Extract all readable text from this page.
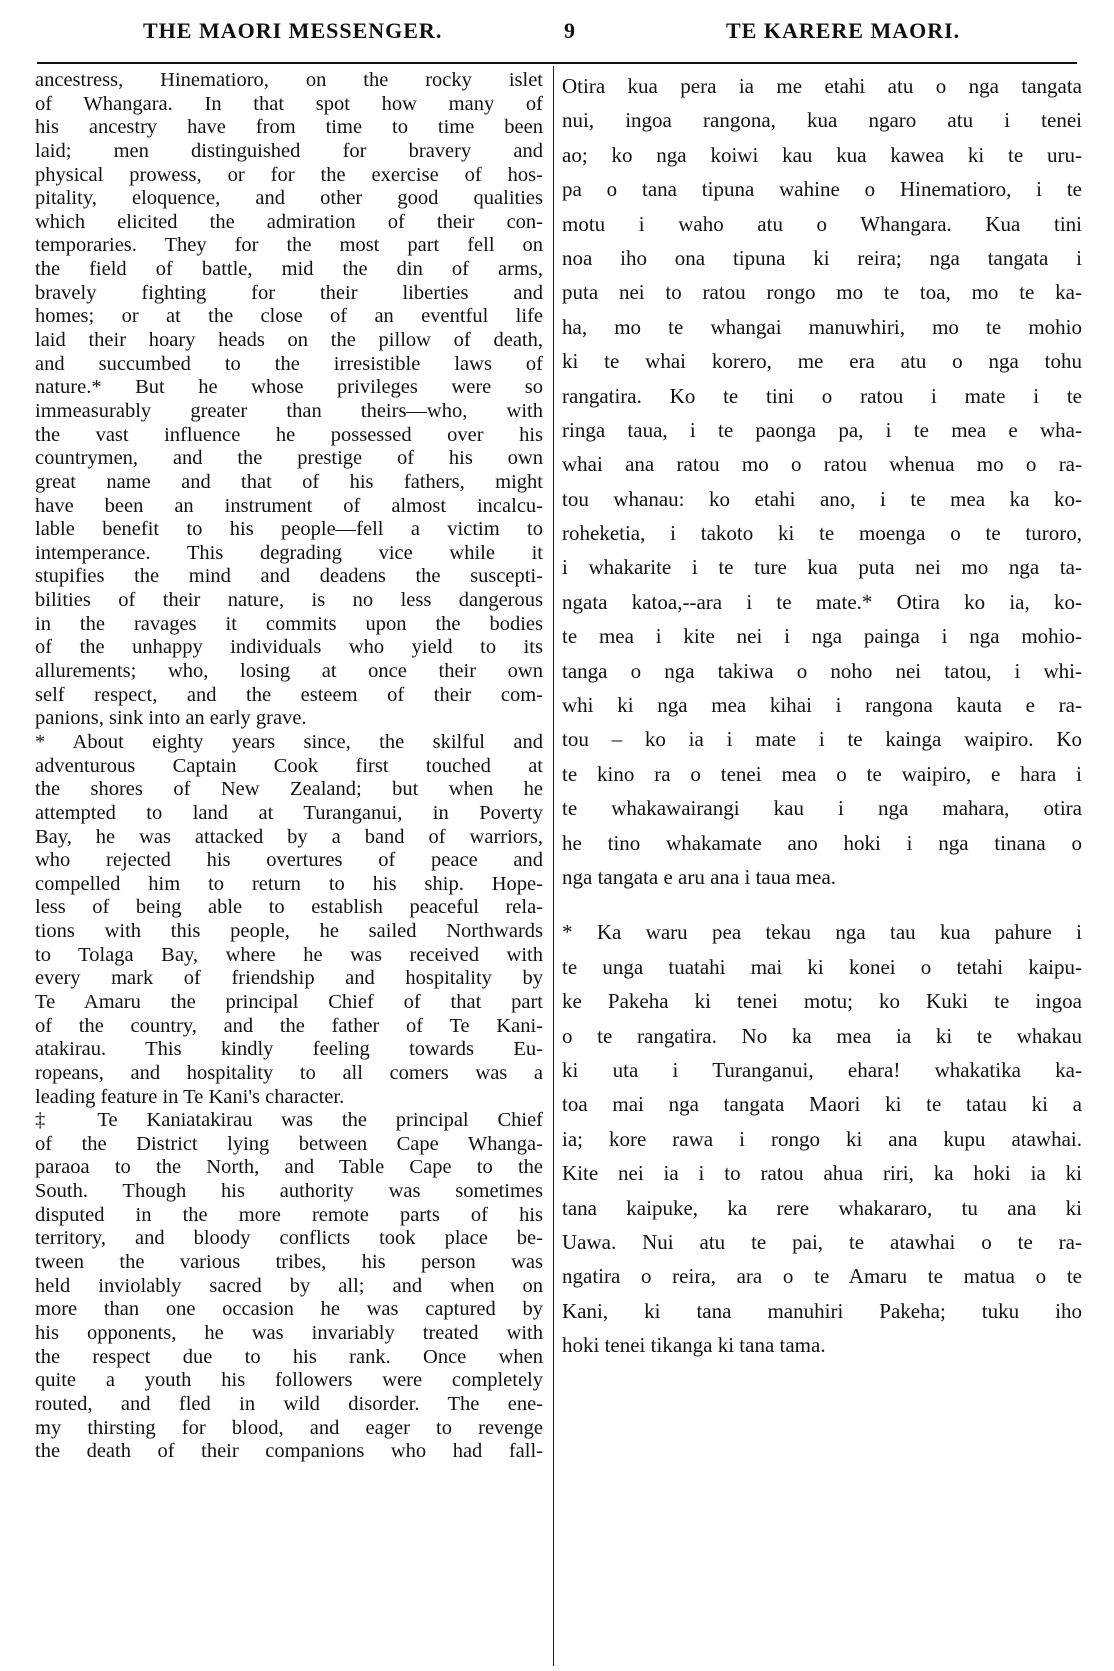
THE MAORI MESSENGER.	9	TE KARERE MAORI.

ancestress, Hinematioro, on the rocky islet
of Whangara. In that spot how many of
his ancestry have from time to time been
laid; men distinguished for bravery and
physical prowess, or for the exercise of hos-
pitality, eloquence, and other good qualities
which elicited the admiration of their con-
temporaries. They for the most part fell on
the field of battle, mid the din of arms,
bravely fighting for their liberties and
homes; or at the close of an eventful life
laid their hoary heads on the pillow of death,
and succumbed to the irresistible laws of
nature.* But he whose privileges were so
immeasurably greater than theirs—who, with
the vast influence he possessed over his
countrymen, and the prestige of his own
great name and that of his fathers, might
have been an instrument of almost incalcu-
lable benefit to his people—fell a victim to
intemperance. This degrading vice while it
stupifies the mind and deadens the suscepti-
bilities of their nature, is no less dangerous
in the ravages it commits upon the bodies
of the unhappy individuals who yield to its
allurements; who, losing at once their own
self respect, and the esteem of their com-
panions, sink into an early grave.

* About eighty years since, the skilful and
adventurous Captain Cook first touched at
the shores of New Zealand; but when he
attempted to land at Turanganui, in Poverty
Bay, he was attacked by a band of warriors,
who rejected his overtures of peace and
compelled him to return to his ship. Hope-
less of being able to establish peaceful rela-
tions with this people, he sailed Northwards
to Tolaga Bay, where he was received with
every mark of friendship and hospitality by
Te Amaru the principal Chief of that part
of the country, and the father of Te Kani-
atakirau. This kindly feeling towards Eu-
ropeans, and hospitality to all comers was a
leading feature in Te Kani's character.

‡ Te Kaniatakirau was the principal Chief
of the District lying between Cape Whanga-
paraoa to the North, and Table Cape to the
South. Though his authority was sometimes
disputed in the more remote parts of his
territory, and bloody conflicts took place be-
tween the various tribes, his person was
held inviolably sacred by all; and when on
more than one occasion he was captured by
his opponents, he was invariably treated with
the respect due to his rank. Once when
quite a youth his followers were completely
routed, and fled in wild disorder. The ene-
my thirsting for blood, and eager to revenge
the death of their companions who had fall-

Otira kua pera ia me etahi atu o nga tangata
nui, ingoa rangona, kua ngaro atu i tenei
ao; ko nga koiwi kau kua kawea ki te uru-
pa o tana tipuna wahine o Hinematioro, i te
motu i waho atu o Whangara. Kua tini
noa iho ona tipuna ki reira; nga tangata i
puta nei to ratou rongo mo te toa, mo te ka-
ha, mo te whangai manuwhiri, mo te mohio
ki te whai korero, me era atu o nga tohu
rangatira. Ko te tini o ratou i mate i te
ringa taua, i te paonga pa, i te mea e wha-
whai ana ratou mo o ratou whenua mo o ra-
tou whanau: ko etahi ano, i te mea ka ko-
roheketia, i takoto ki te moenga o te turoro,
i whakarite i te ture kua puta nei mo nga ta-
ngata katoa,--ara i te mate.* Otira ko ia, ko-
te mea i kite nei i nga painga i nga mohio-
tanga o nga takiwa o noho nei tatou, i whi-
whi ki nga mea kihai i rangona kauta e ra-
tou – ko ia i mate i te kainga waipiro. Ko
te kino ra o tenei mea o te waipiro, e hara i
te whakawairangi kau i nga mahara, otira
he tino whakamate ano hoki i nga tinana o
nga tangata e aru ana i taua mea.

* Ka waru pea tekau nga tau kua pahure i
te unga tuatahi mai ki konei o tetahi kaipu-
ke Pakeha ki tenei motu; ko Kuki te ingoa
o te rangatira. No ka mea ia ki te whakau
ki uta i Turanganui, ehara! whakatika ka-
toa mai nga tangata Maori ki te tatau ki a
ia; kore rawa i rongo ki ana kupu atawhai.
Kite nei ia i to ratou ahua riri, ka hoki ia ki
tana kaipuke, ka rere whakararo, tu ana ki
Uawa. Nui atu te pai, te atawhai o te ra-
ngatira o reira, ara o te Amaru te matua o te
Kani, ki tana manuhiri Pakeha; tuku iho
hoki tenei tikanga ki tana tama.
